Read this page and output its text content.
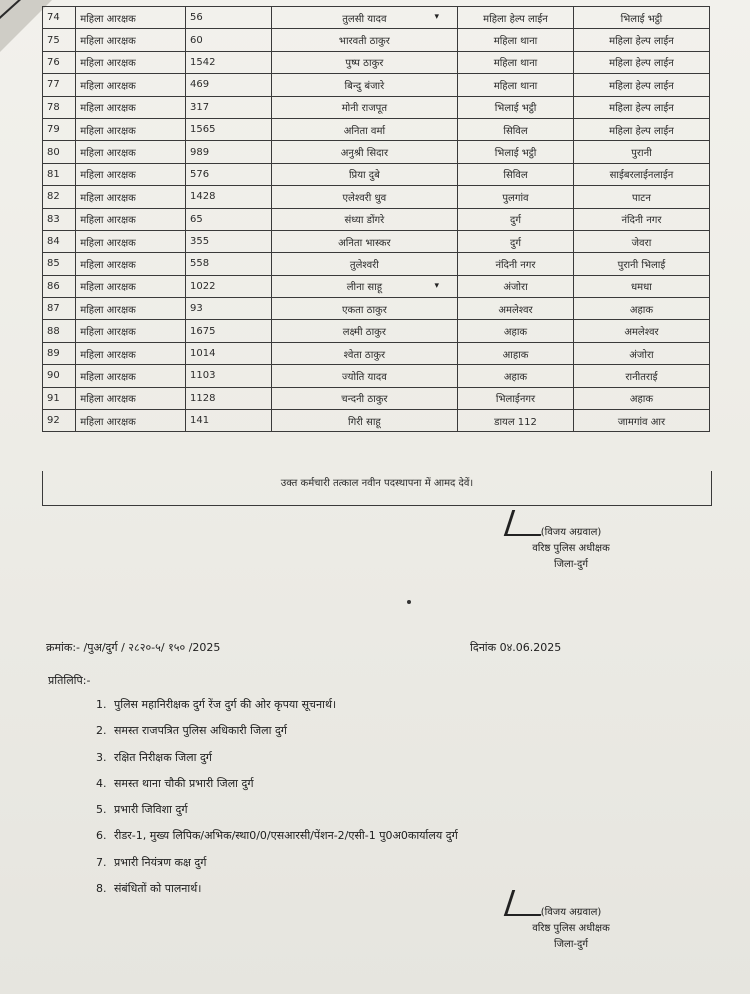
74	महिला आरक्षक	56	तुलसी यादव ▾	महिला हेल्प लाईन	भिलाई भट्ठी
75	महिला आरक्षक	60	भारवती ठाकुर	महिला थाना	महिला हेल्प लाईन
76	महिला आरक्षक	1542	पुष्प ठाकुर	महिला थाना	महिला हेल्प लाईन
77	महिला आरक्षक	469	बिन्दु बंजारे	महिला थाना	महिला हेल्प लाईन
78	महिला आरक्षक	317	मोनी राजपूत	भिलाई भट्ठी	महिला हेल्प लाईन
79	महिला आरक्षक	1565	अनिता वर्मा	सिविल	महिला हेल्प लाईन
80	महिला आरक्षक	989	अनुश्री सिदार	भिलाई भट्ठी	पुरानी
81	महिला आरक्षक	576	प्रिया दुबे	सिविल	साईबरलाईनलाईन
82	महिला आरक्षक	1428	एलेश्वरी धुव	पुलगांव	पाटन
83	महिला आरक्षक	65	संध्या डोंगरे	दुर्ग	नंदिनी नगर
84	महिला आरक्षक	355	अनिता भास्कर	दुर्ग	जेवरा
85	महिला आरक्षक	558	तुलेश्वरी	नंदिनी नगर	पुरानी भिलाई
86	महिला आरक्षक	1022	लीना साहू ▾	अंजोरा	धमधा
87	महिला आरक्षक	93	एकता ठाकुर	अमलेश्वर	अहाक
88	महिला आरक्षक	1675	लक्ष्मी ठाकुर	अहाक	अमलेश्वर
89	महिला आरक्षक	1014	श्वेता ठाकुर	आहाक	अंजोरा
90	महिला आरक्षक	1103	ज्योति यादव	अहाक	रानीतराई
91	महिला आरक्षक	1128	चन्दनी ठाकुर	भिलाईनगर	अहाक
92	महिला आरक्षक	141	गिरी साहू	डायल 112	जामगांव आर
उक्त कर्मचारी तत्काल नवीन पदस्थापना में आमद देवें।
(विजय अग्रवाल)
वरिष्ठ पुलिस अधीक्षक
जिला-दुर्ग
क्रमांक:- /पुअ/दुर्ग / २८२०-५/ १५० /2025	दिनांक 0४.06.2025
प्रतिलिपि:-
1. पुलिस महानिरीक्षक दुर्ग रेंज दुर्ग की ओर कृपया सूचनार्थ।
2. समस्त राजपत्रित पुलिस अधिकारी जिला दुर्ग
3. रक्षित निरीक्षक जिला दुर्ग
4. समस्त थाना चौकी प्रभारी जिला दुर्ग
5. प्रभारी जिविशा दुर्ग
6. रीडर-1, मुख्य लिपिक/अभिक/स्था0/0/एसआरसी/पेंशन-2/एसी-1 पु0अ0कार्यालय दुर्ग
7. प्रभारी नियंत्रण कक्ष दुर्ग
8. संबंधितों को पालनार्थ।
(विजय अग्रवाल)
वरिष्ठ पुलिस अधीक्षक
जिला-दुर्ग
